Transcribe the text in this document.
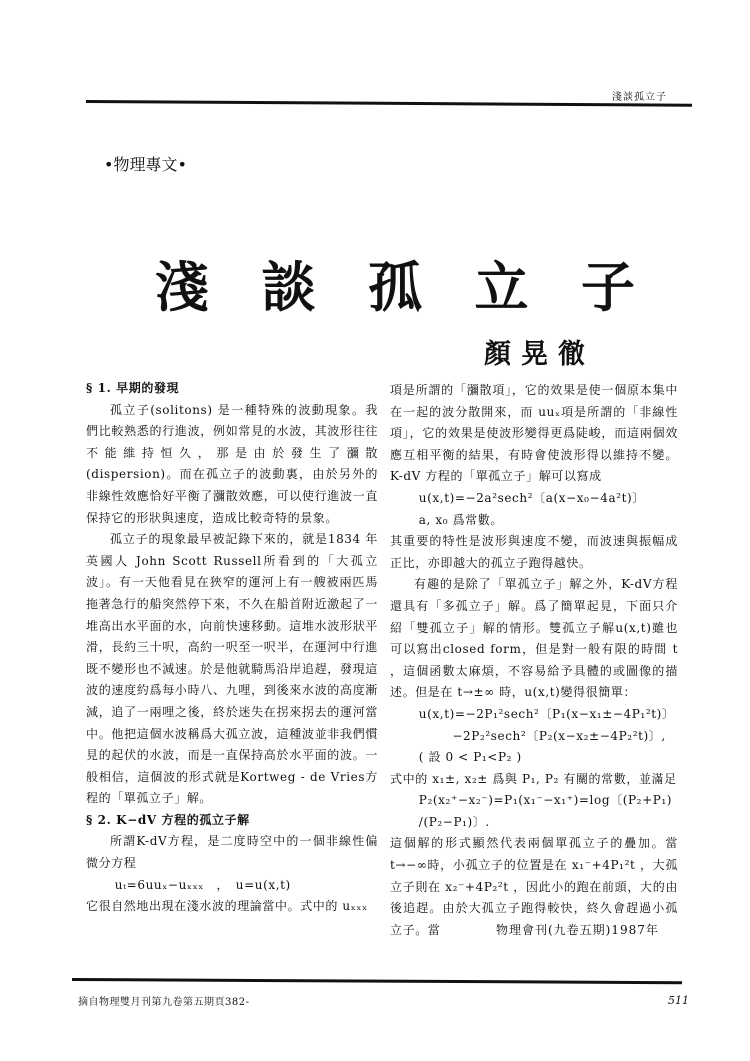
淺談孤立子
•物理專文•
淺 談 孤 立 子
顏晃徹

§ 1. 早期的發現

孤立子(solitons) 是一種特殊的波動現象。我們比較熟悉的行進波，例如常見的水波，其波形往往不能維持恒久，那是由於發生了瀰散(dispersion)。而在孤立子的波動裏，由於另外的非線性效應恰好平衡了瀰散效應，可以使行進波一直保持它的形狀與速度，造成比較奇特的景象。

孤立子的現象最早被記錄下來的，就是1834 年英國人 John Scott Russell所看到的「大孤立波」。有一天他看見在狹窄的運河上有一艘被兩匹馬拖著急行的船突然停下來，不久在船首附近激起了一堆高出水平面的水，向前快速移動。這堆水波形狀平滑，長約三十呎，高約一呎至一呎半，在運河中行進既不變形也不減速。於是他就騎馬沿岸追趕，發現這波的速度約爲每小時八、九哩，到後來水波的高度漸減，追了一兩哩之後，終於迷失在拐來拐去的運河當中。他把這個水波稱爲大孤立波，這種波並非我們慣見的起伏的水波，而是一直保持高於水平面的波。一般相信，這個波的形式就是Kortweg - de Vries方程的「單孤立子」解。

§ 2. K−dV 方程的孤立子解

所謂K-dV方程，是二度時空中的一個非線性偏微分方程

uₜ=6uuₓ−uₓₓₓ　，　u=u(x,t)

它很自然地出現在淺水波的理論當中。式中的 uₓₓₓ

項是所謂的「瀰散項」，它的效果是使一個原本集中在一起的波分散開來，而 uuₓ項是所謂的「非線性項」，它的效果是使波形變得更爲陡峻，而這兩個效應互相平衡的結果，有時會使波形得以維持不變。K-dV 方程的「單孤立子」解可以寫成

u(x,t)=−2a²sech²〔a(x−x₀−4a²t)〕

a, x₀ 爲常數。

其重要的特性是波形與速度不變，而波速與振幅成正比，亦即越大的孤立子跑得越快。

有趣的是除了「單孤立子」解之外，K-dV方程還具有「多孤立子」解。爲了簡單起見，下面只介紹「雙孤立子」解的情形。雙孤立子解u(x,t)雖也可以寫出closed form，但是對一般有限的時間 t ，這個函數太麻煩，不容易給予具體的或圖像的描述。但是在 t→±∞ 時，u(x,t)變得很簡單：

u(x,t)=−2P₁²sech²〔P₁(x−x₁±−4P₁²t)〕

−2P₂²sech²〔P₂(x−x₂±−4P₂²t)〕,

( 設 0 < P₁<P₂ )

式中的 x₁±, x₂± 爲與 P₁, P₂ 有關的常數，並滿足

P₂(x₂⁺−x₂⁻)=P₁(x₁⁻−x₁⁺)=log〔(P₂+P₁)

/(P₂−P₁)〕.

這個解的形式顯然代表兩個單孤立子的疊加。當 t→−∞時，小孤立子的位置是在 x₁⁻+4P₁²t ，大孤立子則在 x₂⁻+4P₂²t ，因此小的跑在前頭，大的由後追趕。由於大孤立子跑得較快，終久會趕過小孤立子。當	物理會刊(九卷五期)1987年
摘自物理雙月刊第九卷第五期頁382-	511
